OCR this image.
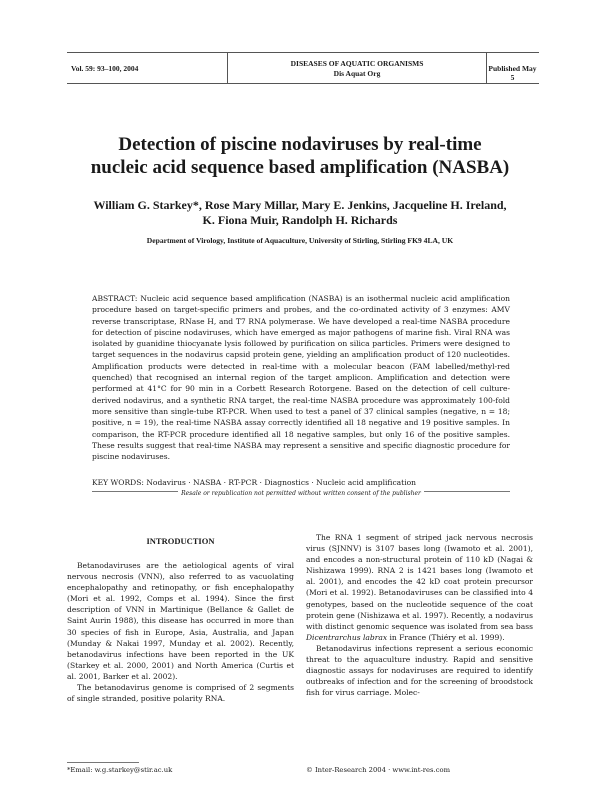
Vol. 59: 93–100, 2004
DISEASES OF AQUATIC ORGANISMS
Dis Aquat Org
Published May 5
Detection of piscine nodaviruses by real-time
nucleic acid sequence based amplification (NASBA)
William G. Starkey*, Rose Mary Millar, Mary E. Jenkins, Jacqueline H. Ireland,
K. Fiona Muir, Randolph H. Richards
Department of Virology, Institute of Aquaculture, University of Stirling, Stirling FK9 4LA, UK
ABSTRACT: Nucleic acid sequence based amplification (NASBA) is an isothermal nucleic acid amplification procedure based on target-specific primers and probes, and the co-ordinated activity of 3 enzymes: AMV reverse transcriptase, RNase H, and T7 RNA polymerase. We have developed a real-time NASBA procedure for detection of piscine nodaviruses, which have emerged as major pathogens of marine fish. Viral RNA was isolated by guanidine thiocyanate lysis followed by purification on silica particles. Primers were designed to target sequences in the nodavirus capsid protein gene, yielding an amplification product of 120 nucleotides. Amplification products were detected in real-time with a molecular beacon (FAM labelled/methyl-red quenched) that recognised an internal region of the target amplicon. Amplification and detection were performed at 41°C for 90 min in a Corbett Research Rotorgene. Based on the detection of cell culture-derived nodavirus, and a synthetic RNA target, the real-time NASBA procedure was approximately 100-fold more sensitive than single-tube RT-PCR. When used to test a panel of 37 clinical samples (negative, n = 18; positive, n = 19), the real-time NASBA assay correctly identified all 18 negative and 19 positive samples. In comparison, the RT-PCR procedure identified all 18 negative samples, but only 16 of the positive samples. These results suggest that real-time NASBA may represent a sensitive and specific diagnostic procedure for piscine nodaviruses.
KEY WORDS: Nodavirus · NASBA · RT-PCR · Diagnostics · Nucleic acid amplification
Resale or republication not permitted without written consent of the publisher
INTRODUCTION

Betanodaviruses are the aetiological agents of viral nervous necrosis (VNN), also referred to as vacuolating encephalopathy and retinopathy, or fish encephalopathy (Mori et al. 1992, Comps et al. 1994). Since the first description of VNN in Martinique (Bellance & Gallet de Saint Aurin 1988), this disease has occurred in more than 30 species of fish in Europe, Asia, Australia, and Japan (Munday & Nakai 1997, Munday et al. 2002). Recently, betanodavirus infections have been reported in the UK (Starkey et al. 2000, 2001) and North America (Curtis et al. 2001, Barker et al. 2002).

The betanodavirus genome is comprised of 2 segments of single stranded, positive polarity RNA.

The RNA 1 segment of striped jack nervous necrosis virus (SJNNV) is 3107 bases long (Iwamoto et al. 2001), and encodes a non-structural protein of 110 kD (Nagai & Nishizawa 1999). RNA 2 is 1421 bases long (Iwamoto et al. 2001), and encodes the 42 kD coat protein precursor (Mori et al. 1992). Betanodaviruses can be classified into 4 genotypes, based on the nucleotide sequence of the coat protein gene (Nishizawa et al. 1997). Recently, a nodavirus with distinct genomic sequence was isolated from sea bass Dicentrarchus labrax in France (Thiéry et al. 1999).

Betanodavirus infections represent a serious economic threat to the aquaculture industry. Rapid and sensitive diagnostic assays for nodaviruses are required to identify outbreaks of infection and for the screening of broodstock fish for virus carriage. Molec-

*Email: w.g.starkey@stir.ac.uk	© Inter-Research 2004 · www.int-res.com
